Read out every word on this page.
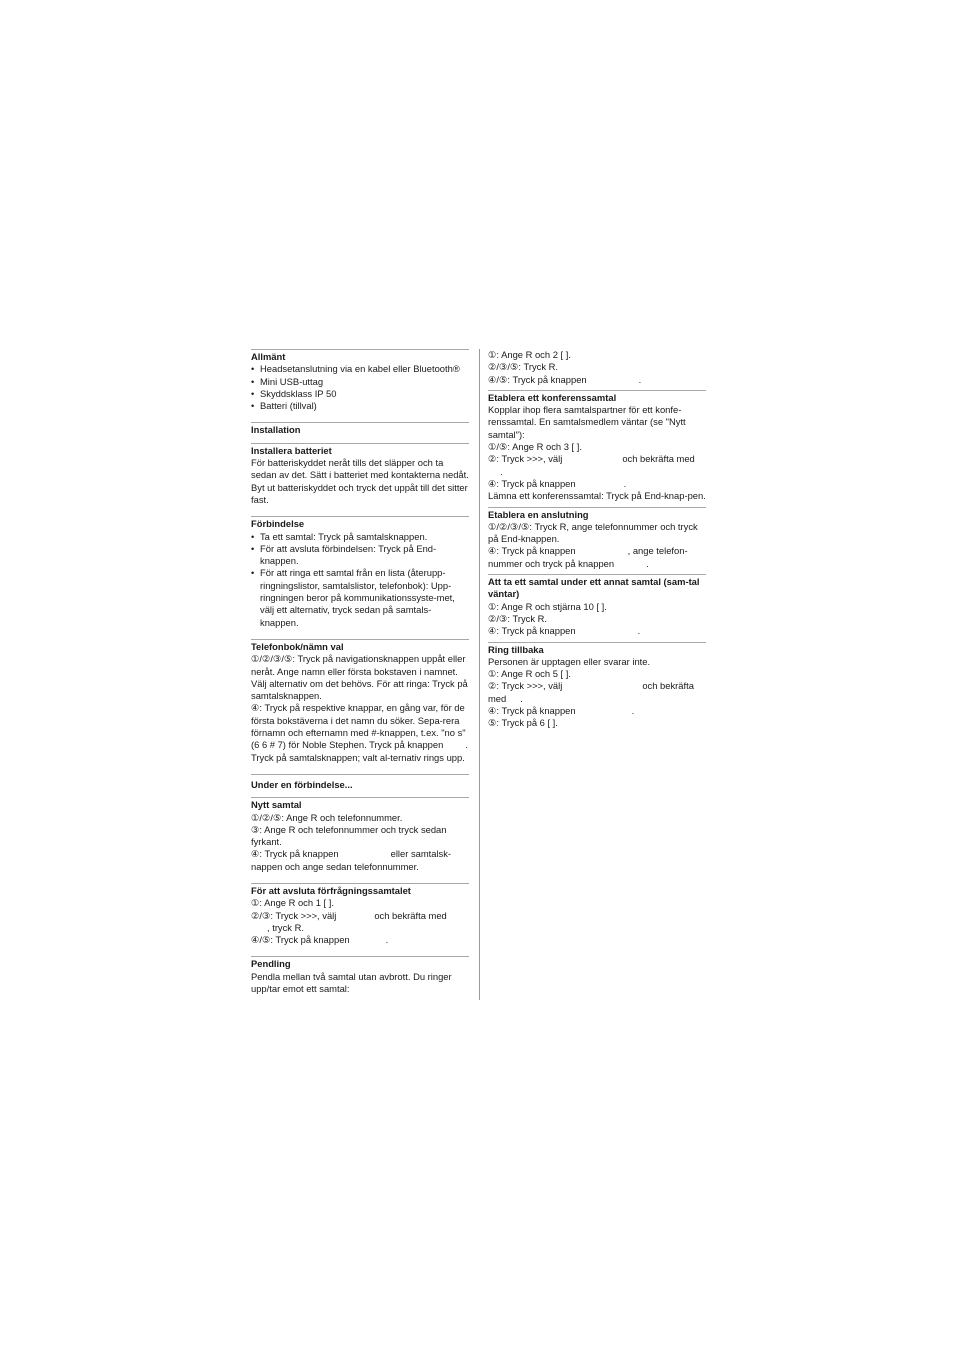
Allmänt
• Headsetanslutning via en kabel eller Bluetooth®
• Mini USB-uttag
• Skyddsklass IP 50
• Batteri (tillval)
Installation
Installera batteriet

För batteriskyddet neråt tills det släpper och ta sedan av det. Sätt i batteriet med kontakterna nedåt. Byt ut batteriskyddet och tryck det uppåt till det sitter fast.

Förbindelse
• Ta ett samtal: Tryck på samtalsknappen.
• För att avsluta förbindelsen: Tryck på End-knappen.
• För att ringa ett samtal från en lista (återupp-ringningslistor, samtalslistor, telefonbok): Upp-ringningen beror på kommunikationssyste-met, välj ett alternativ, tryck sedan på samtals-knappen.
Telefonbok/nämn val

①/②/③/⑤: Tryck på navigationsknappen uppåt eller neråt. Ange namn eller första bokstaven i namnet. Välj alternativ om det behövs. För att ringa: Tryck på samtalsknappen.

④: Tryck på respektive knappar, en gång var, för de första bokstäverna i det namn du söker. Sepa-rera förnamn och efternamn med #-knappen, t.ex. "no s" (6 6 # 7) för Noble Stephen. Tryck på knappen . Tryck på samtalsknappen; valt al-ternativ rings upp.

Under en förbindelse...
Nytt samtal

①/②/⑤: Ange R och telefonnummer.

③: Ange R och telefonnummer och tryck sedan fyrkant.

④: Tryck på knappen	eller samtalsk-nappen och ange sedan telefonnummer.

För att avsluta förfrågningssamtalet

①: Ange R och 1 [ ].

②/③: Tryck >>>, välj	och bekräfta med
, tryck R.

④/⑤: Tryck på knappen	.

Pendling

Pendla mellan två samtal utan avbrott. Du ringer upp/tar emot ett samtal:

①: Ange R och 2 [ ].

②/③/⑤: Tryck R.

④/⑤: Tryck på knappen	.

Etablera ett konferenssamtal

Kopplar ihop flera samtalspartner för ett konfe-renssamtal. En samtalsmedlem väntar (se "Nytt samtal"):

①/⑤: Ange R och 3 [ ].

②: Tryck >>>, välj	och bekräfta med
.

④: Tryck på knappen	.

Lämna ett konferenssamtal: Tryck på End-knap-pen.

Etablera en anslutning

①/②/③/⑤: Tryck R, ange telefonnummer och tryck på End-knappen.

④: Tryck på knappen	, ange telefon-nummer och tryck på knappen	.

Att ta ett samtal under ett annat samtal (sam-tal väntar)

①: Ange R och stjärna 10 [ ].

②/③: Tryck R.

④: Tryck på knappen	.

Ring tillbaka

Personen är upptagen eller svarar inte.

①: Ange R och 5 [ ].

②: Tryck >>>, välj	och bekräfta med .

④: Tryck på knappen	.

⑤: Tryck på 6 [ ].
